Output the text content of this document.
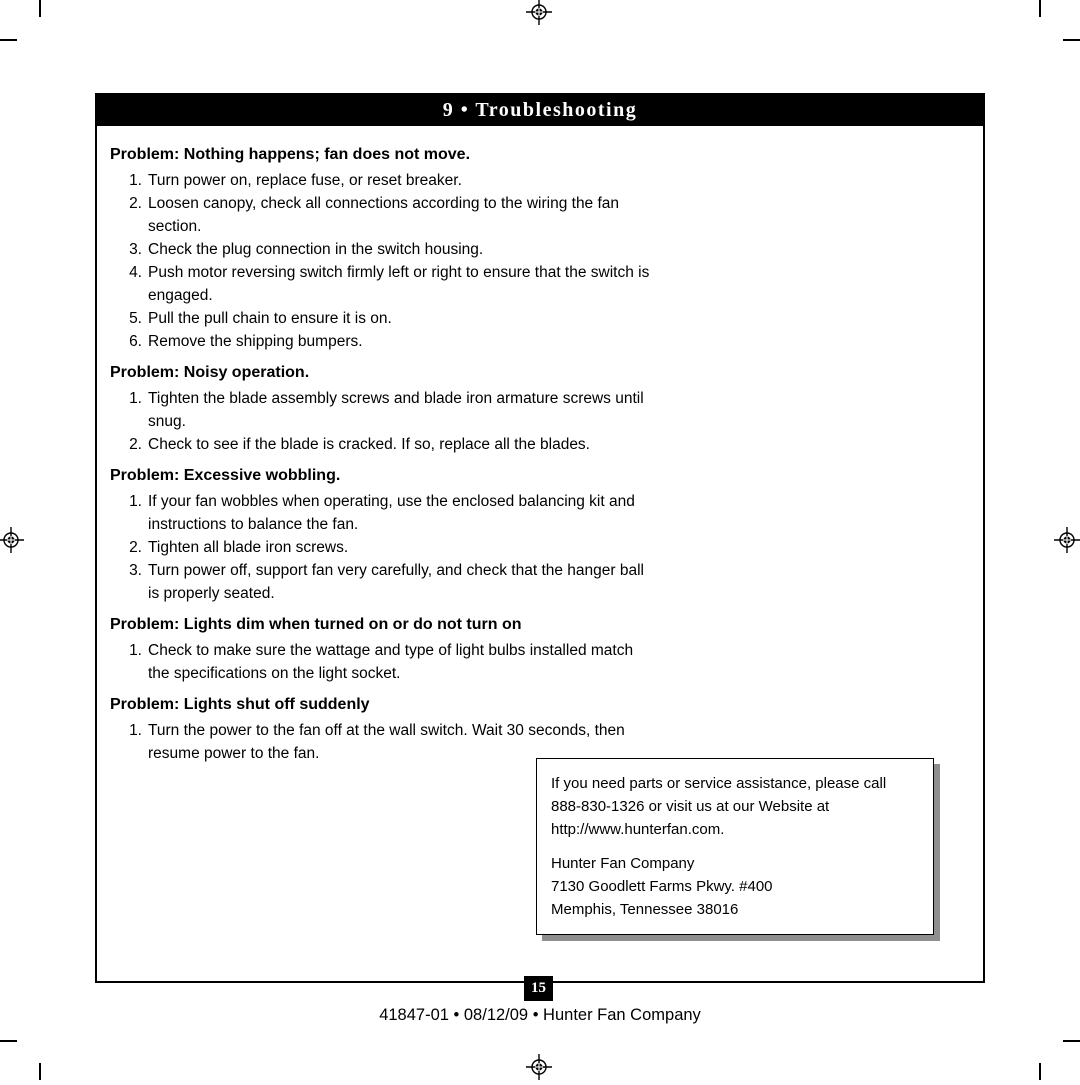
9 • Troubleshooting
Problem: Nothing happens; fan does not move.
1. Turn power on, replace fuse, or reset breaker.
2. Loosen canopy, check all connections according to the wiring the fan section.
3. Check the plug connection in the switch housing.
4. Push motor reversing switch firmly left or right to ensure that the switch is engaged.
5. Pull the pull chain to ensure it is on.
6. Remove the shipping bumpers.
Problem: Noisy operation.
1. Tighten the blade assembly screws and blade iron armature screws until snug.
2. Check to see if the blade is cracked. If so, replace all the blades.
Problem: Excessive wobbling.
1. If your fan wobbles when operating, use the enclosed balancing kit and instructions to balance the fan.
2. Tighten all blade iron screws.
3. Turn power off, support fan very carefully, and check that the hanger ball is properly seated.
Problem: Lights dim when turned on or do not turn on
1. Check to make sure the wattage and type of light bulbs installed match the specifications on the light socket.
Problem: Lights shut off suddenly
1. Turn the power to the fan off at the wall switch. Wait 30 seconds, then resume power to the fan.
If you need parts or service assistance, please call
888-830-1326 or visit us at our Website at
http://www.hunterfan.com.
Hunter Fan Company
7130 Goodlett Farms Pkwy. #400
Memphis, Tennessee 38016
15
41847-01 • 08/12/09 • Hunter Fan Company
